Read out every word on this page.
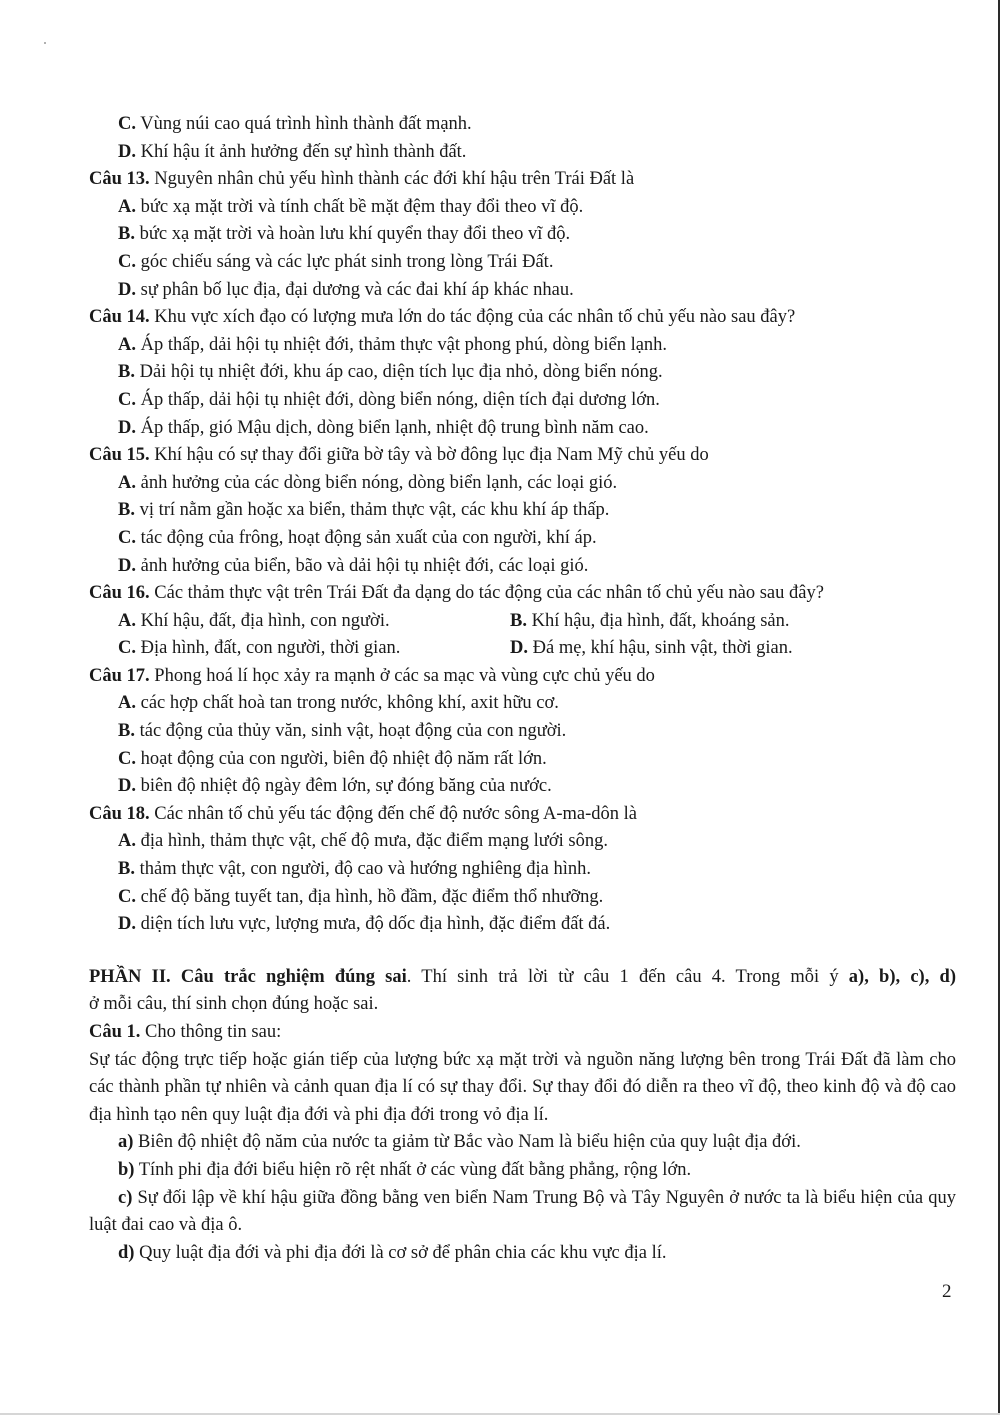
C. Vùng núi cao quá trình hình thành đất mạnh.

D. Khí hậu ít ảnh hưởng đến sự hình thành đất.

Câu 13. Nguyên nhân chủ yếu hình thành các đới khí hậu trên Trái Đất là

A. bức xạ mặt trời và tính chất bề mặt đệm thay đổi theo vĩ độ.

B. bức xạ mặt trời và hoàn lưu khí quyển thay đổi theo vĩ độ.

C. góc chiếu sáng và các lực phát sinh trong lòng Trái Đất.

D. sự phân bố lục địa, đại dương và các đai khí áp khác nhau.

Câu 14. Khu vực xích đạo có lượng mưa lớn do tác động của các nhân tố chủ yếu nào sau đây?

A. Áp thấp, dải hội tụ nhiệt đới, thảm thực vật phong phú, dòng biển lạnh.

B. Dải hội tụ nhiệt đới, khu áp cao, diện tích lục địa nhỏ, dòng biển nóng.

C. Áp thấp, dải hội tụ nhiệt đới, dòng biển nóng, diện tích đại dương lớn.

D. Áp thấp, gió Mậu dịch, dòng biển lạnh, nhiệt độ trung bình năm cao.

Câu 15. Khí hậu có sự thay đổi giữa bờ tây và bờ đông lục địa Nam Mỹ chủ yếu do

A. ảnh hưởng của các dòng biển nóng, dòng biển lạnh, các loại gió.

B. vị trí nằm gần hoặc xa biển, thảm thực vật, các khu khí áp thấp.

C. tác động của frông, hoạt động sản xuất của con người, khí áp.

D. ảnh hưởng của biển, bão và dải hội tụ nhiệt đới, các loại gió.

Câu 16. Các thảm thực vật trên Trái Đất đa dạng do tác động của các nhân tố chủ yếu nào sau đây?

A. Khí hậu, đất, địa hình, con người.	B. Khí hậu, địa hình, đất, khoáng sản.
C. Địa hình, đất, con người, thời gian.	D. Đá mẹ, khí hậu, sinh vật, thời gian.

Câu 17. Phong hoá lí học xảy ra mạnh ở các sa mạc và vùng cực chủ yếu do

A. các hợp chất hoà tan trong nước, không khí, axit hữu cơ.

B. tác động của thủy văn, sinh vật, hoạt động của con người.

C. hoạt động của con người, biên độ nhiệt độ năm rất lớn.

D. biên độ nhiệt độ ngày đêm lớn, sự đóng băng của nước.

Câu 18. Các nhân tố chủ yếu tác động đến chế độ nước sông A-ma-dôn là

A. địa hình, thảm thực vật, chế độ mưa, đặc điểm mạng lưới sông.

B. thảm thực vật, con người, độ cao và hướng nghiêng địa hình.

C. chế độ băng tuyết tan, địa hình, hồ đầm, đặc điểm thổ nhưỡng.

D. diện tích lưu vực, lượng mưa, độ dốc địa hình, đặc điểm đất đá.

PHẦN II. Câu trắc nghiệm đúng sai. Thí sinh trả lời từ câu 1 đến câu 4. Trong mỗi ý a), b), c), d)

ở mỗi câu, thí sinh chọn đúng hoặc sai.

Câu 1. Cho thông tin sau:

Sự tác động trực tiếp hoặc gián tiếp của lượng bức xạ mặt trời và nguồn năng lượng bên trong Trái Đất đã làm cho các thành phần tự nhiên và cảnh quan địa lí có sự thay đổi. Sự thay đổi đó diễn ra theo vĩ độ, theo kinh độ và độ cao địa hình tạo nên quy luật địa đới và phi địa đới trong vỏ địa lí.

a) Biên độ nhiệt độ năm của nước ta giảm từ Bắc vào Nam là biểu hiện của quy luật địa đới.

b) Tính phi địa đới biểu hiện rõ rệt nhất ở các vùng đất bằng phẳng, rộng lớn.

c) Sự đối lập về khí hậu giữa đồng bằng ven biển Nam Trung Bộ và Tây Nguyên ở nước ta là biểu hiện của quy luật đai cao và địa ô.

d) Quy luật địa đới và phi địa đới là cơ sở để phân chia các khu vực địa lí.

2
